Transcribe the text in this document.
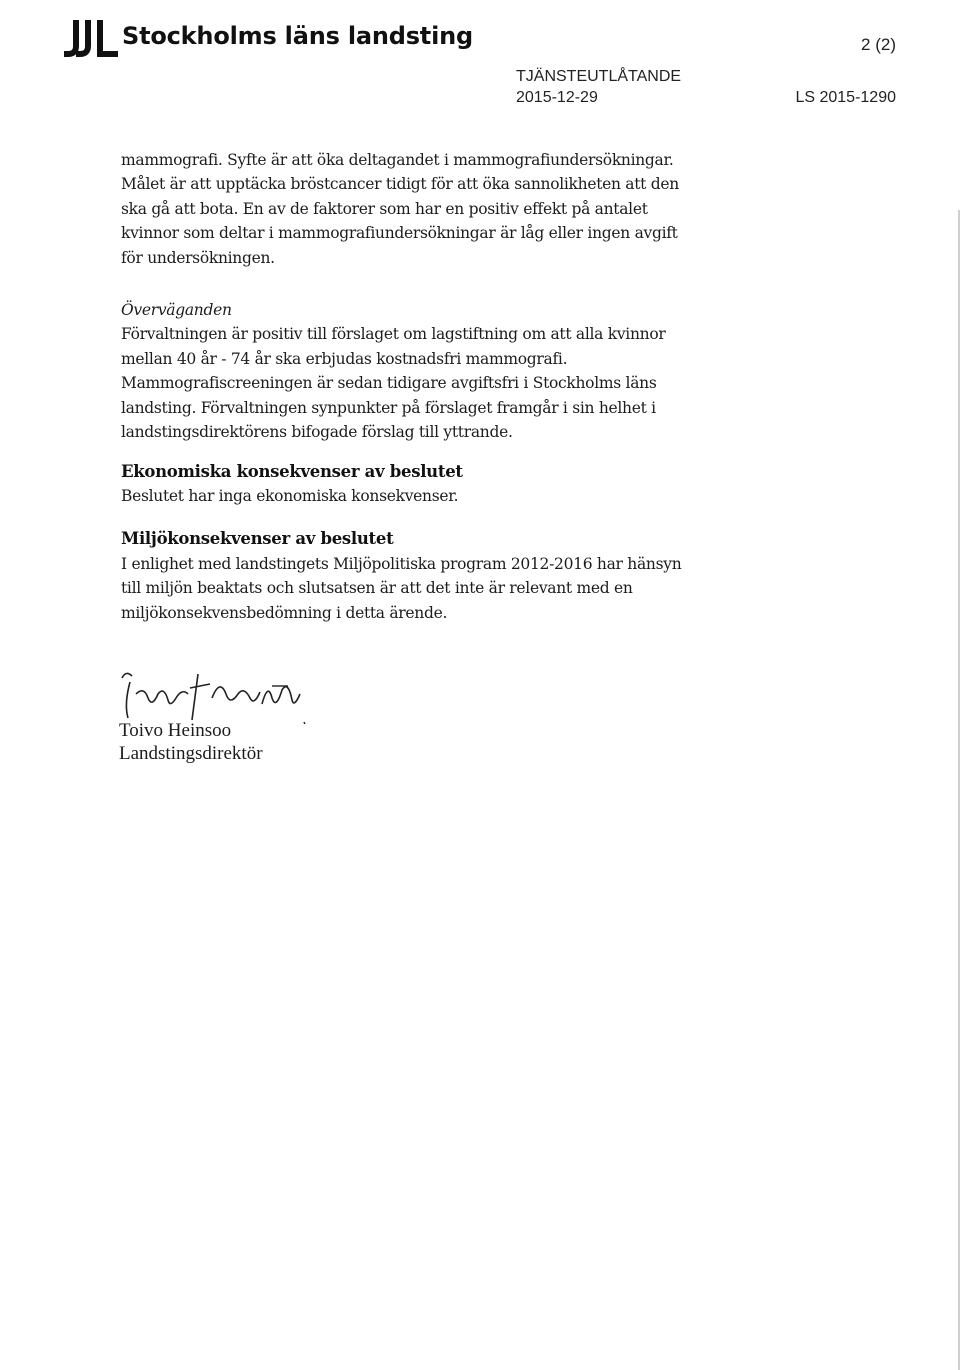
Stockholms läns landsting	2 (2)
TJÄNSTEUTLÅTANDE
2015-12-29	LS 2015-1290
mammografi. Syfte är att öka deltagandet i mammografiundersökningar.
Målet är att upptäcka bröstcancer tidigt för att öka sannolikheten att den
ska gå att bota. En av de faktorer som har en positiv effekt på antalet
kvinnor som deltar i mammografiundersökningar är låg eller ingen avgift
för undersökningen.
Överväganden
Förvaltningen är positiv till förslaget om lagstiftning om att alla kvinnor
mellan 40 år - 74 år ska erbjudas kostnadsfri mammografi.
Mammografiscreeningen är sedan tidigare avgiftsfri i Stockholms läns
landsting. Förvaltningen synpunkter på förslaget framgår i sin helhet i
landstingsdirektörens bifogade förslag till yttrande.
Ekonomiska konsekvenser av beslutet
Beslutet har inga ekonomiska konsekvenser.
Miljökonsekvenser av beslutet
I enlighet med landstingets Miljöpolitiska program 2012-2016 har hänsyn
till miljön beaktats och slutsatsen är att det inte är relevant med en
miljökonsekvensbedömning i detta ärende.
Toivo Heinsoo
Landstingsdirektör
